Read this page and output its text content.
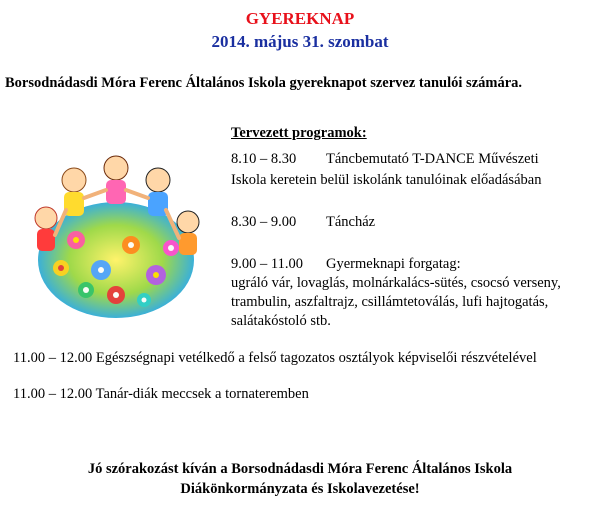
GYEREKNAP
2014. május 31. szombat
Borsodnádasdi Móra Ferenc Általános Iskola gyereknapot szervez tanulói számára.
Tervezett programok:
8.10 – 8.30 Táncbemutató T-DANCE Művészeti
Iskola keretein belül iskolánk tanulóinak előadásában
8.30 – 9.00 Táncház
9.00 – 11.00 Gyermeknapi forgatag:
ugráló vár, lovaglás, molnárkalács-sütés, csocsó verseny,
trambulin, aszfaltrajz, csillámtetoválás, lufi hajtogatás,
salátakóstoló stb.
11.00 – 12.00 Egészségnapi vetélkedő a felső tagozatos osztályok képviselői részvételével
11.00 – 12.00 Tanár-diák meccsek a tornateremben
Jó szórakozást kíván a Borsodnádasdi Móra Ferenc Általános Iskola
Diákönkormányzata és Iskolavezetése!
